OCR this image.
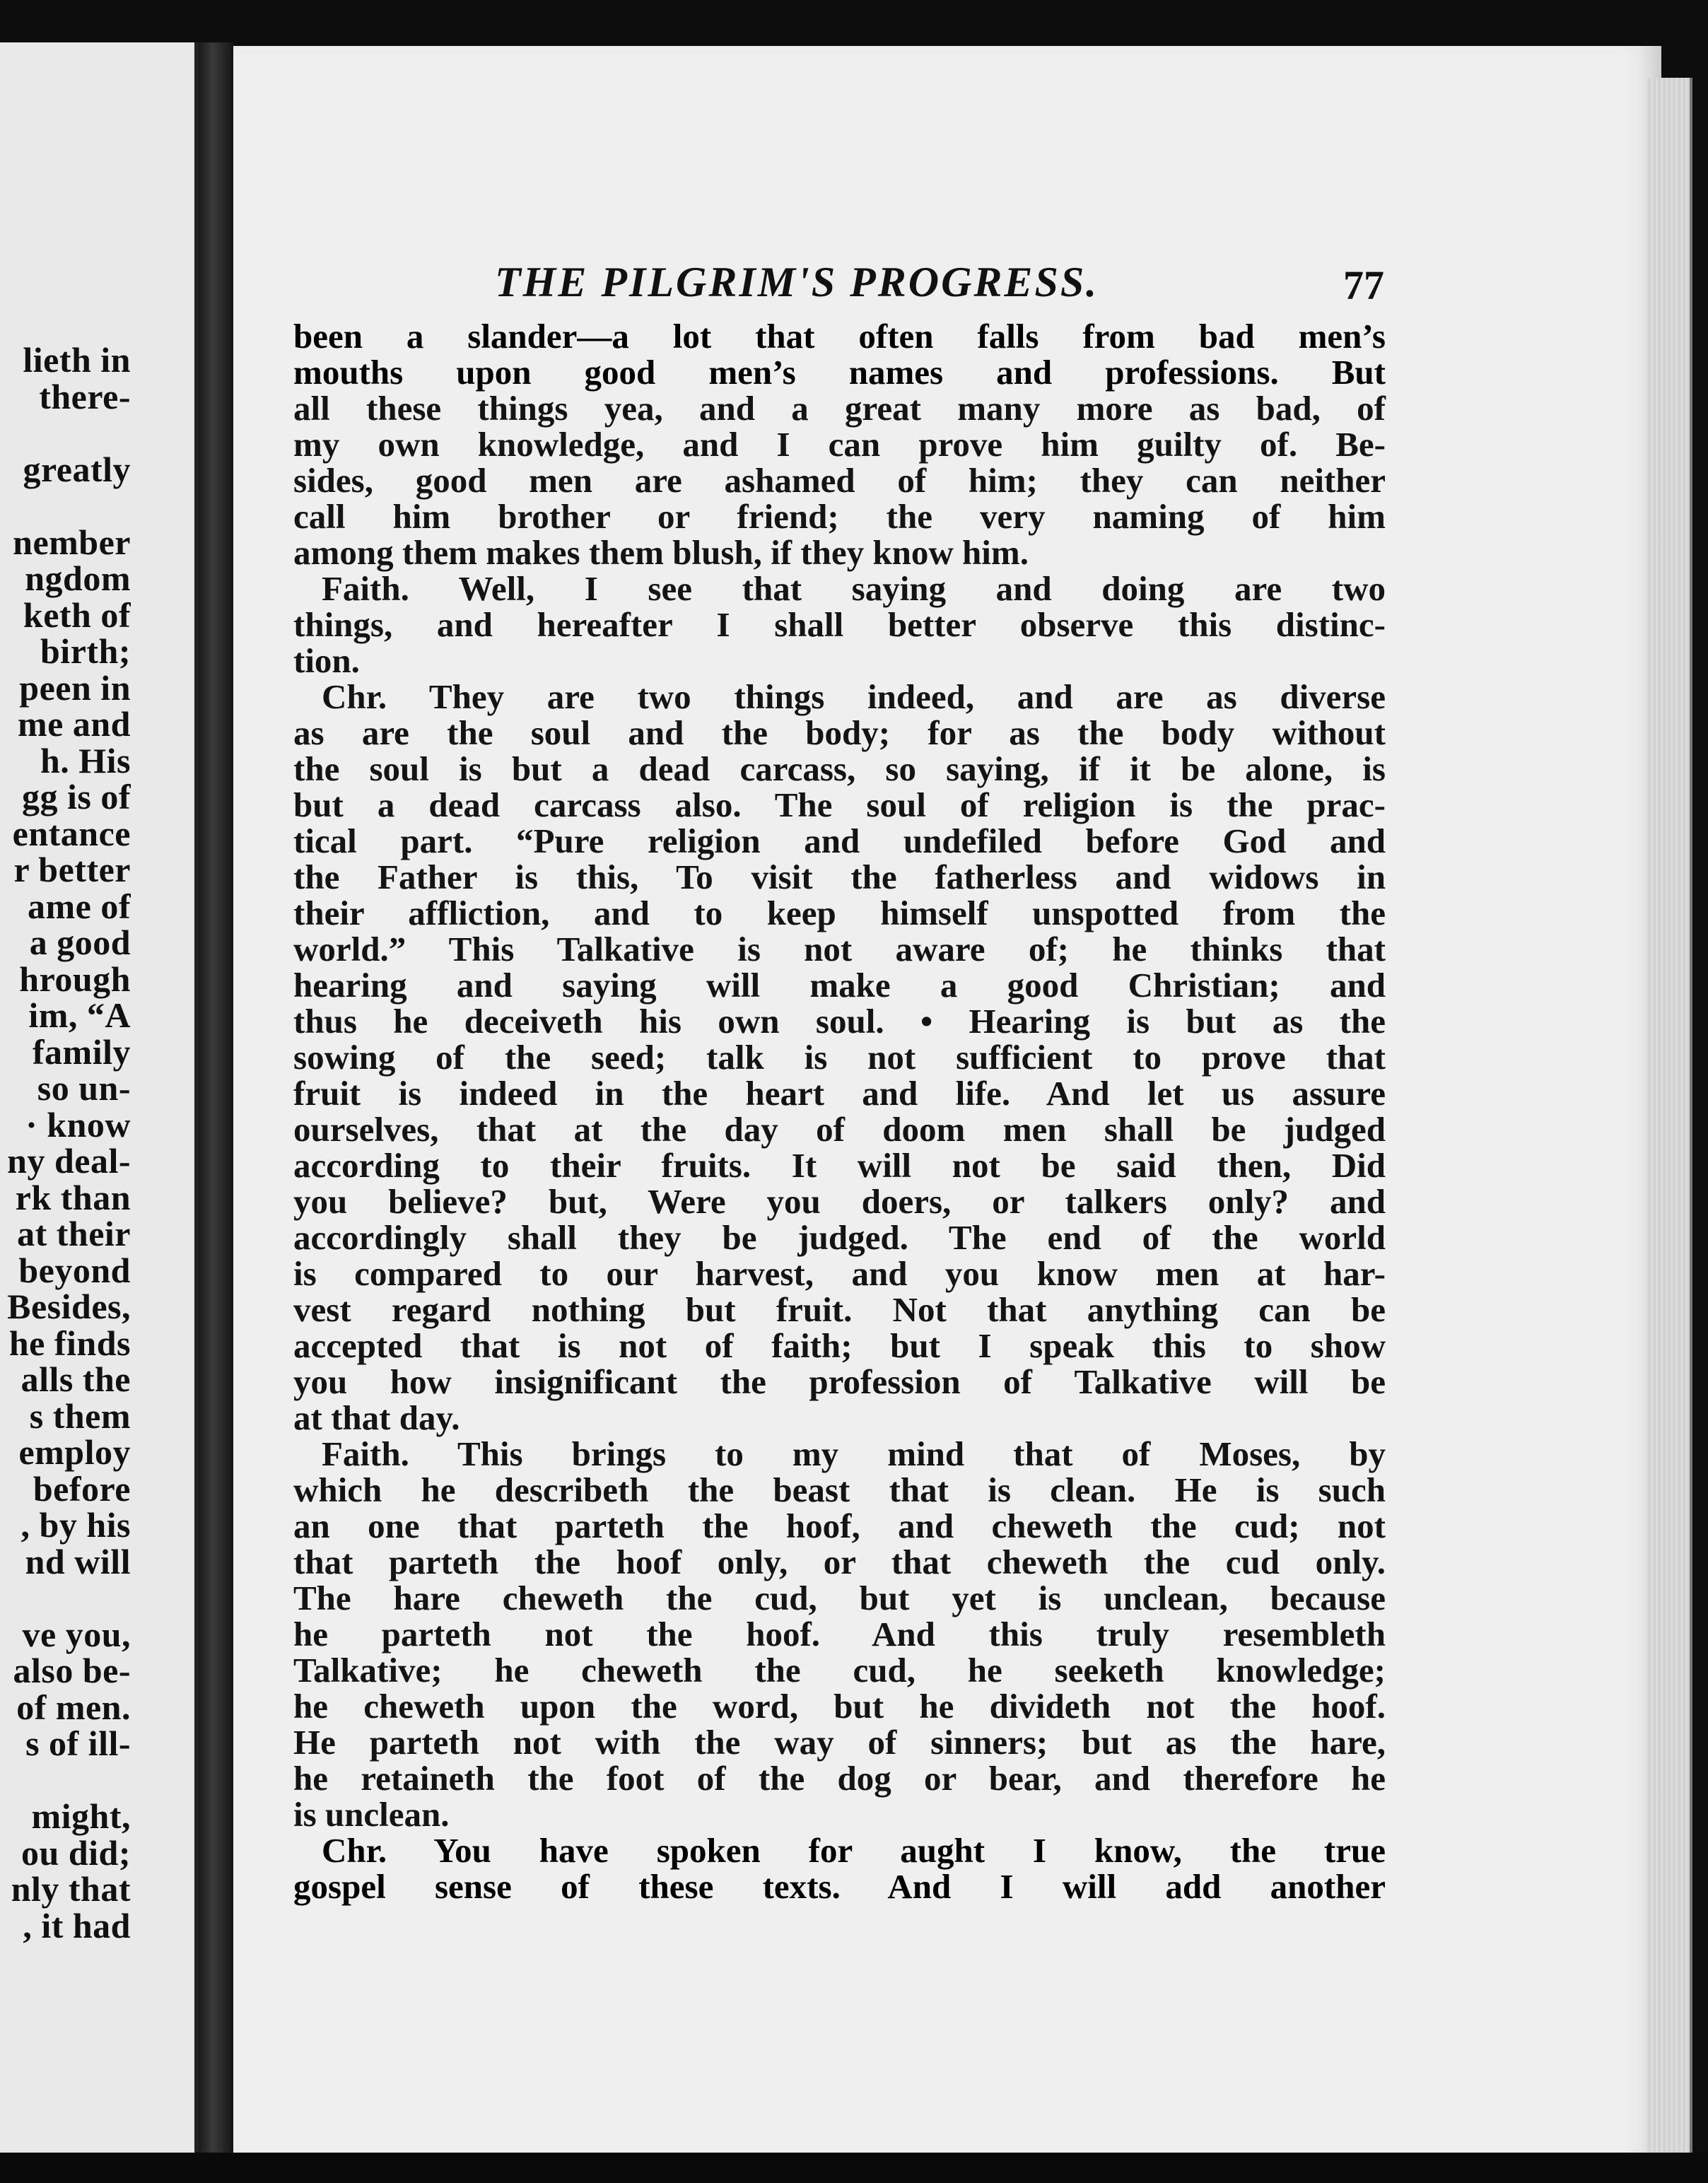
lieth in
there-
greatly
nember
ngdom
keth of
birth;
peen in
me and
h. His
gg is of
entance
r better
ame of
a good
hrough
im, “A
family
so un-
· know
ny deal-
rk than
at their
beyond
Besides,
he finds
alls the
s them
employ
before
, by his
nd will
ve you,
also be-
of men.
s of ill-
might,
ou did;
nly that
, it had
THE PILGRIM'S PROGRESS.	77
been a slander—a lot that often falls from bad men’s
mouths upon good men’s names and professions. But
all these things yea, and a great many more as bad, of
my own knowledge, and I can prove him guilty of. Be-
sides, good men are ashamed of him; they can neither
call him brother or friend; the very naming of him
among them makes them blush, if they know him.
Faith. Well, I see that saying and doing are two
things, and hereafter I shall better observe this distinc-
tion.
Chr. They are two things indeed, and are as diverse
as are the soul and the body; for as the body without
the soul is but a dead carcass, so saying, if it be alone, is
but a dead carcass also. The soul of religion is the prac-
tical part. “Pure religion and undefiled before God and
the Father is this, To visit the fatherless and widows in
their affliction, and to keep himself unspotted from the
world.” This Talkative is not aware of; he thinks that
hearing and saying will make a good Christian; and
thus he deceiveth his own soul. • Hearing is but as the
sowing of the seed; talk is not sufficient to prove that
fruit is indeed in the heart and life. And let us assure
ourselves, that at the day of doom men shall be judged
according to their fruits. It will not be said then, Did
you believe? but, Were you doers, or talkers only? and
accordingly shall they be judged. The end of the world
is compared to our harvest, and you know men at har-
vest regard nothing but fruit. Not that anything can be
accepted that is not of faith; but I speak this to show
you how insignificant the profession of Talkative will be
at that day.
Faith. This brings to my mind that of Moses, by
which he describeth the beast that is clean. He is such
an one that parteth the hoof, and cheweth the cud; not
that parteth the hoof only, or that cheweth the cud only.
The hare cheweth the cud, but yet is unclean, because
he parteth not the hoof. And this truly resembleth
Talkative; he cheweth the cud, he seeketh knowledge;
he cheweth upon the word, but he divideth not the hoof.
He parteth not with the way of sinners; but as the hare,
he retaineth the foot of the dog or bear, and therefore he
is unclean.
Chr. You have spoken for aught I know, the true
gospel sense of these texts. And I will add another
